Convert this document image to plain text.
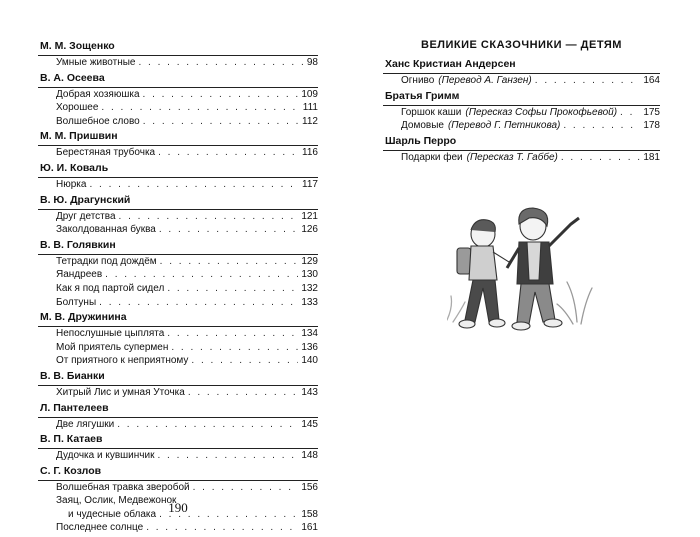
М. М. Зощенко
Умные животные . . .	98
В. А. Осеева
Добрая хозяюшка . . .	109
Хорошее . . .	111
Волшебное слово . . .	112
М. М. Пришвин
Берестяная трубочка . . .	116
Ю. И. Коваль
Нюрка . . .	117
В. Ю. Драгунский
Друг детства . . .	121
Заколдованная буква . . .	126
В. В. Голявкин
Тетрадки под дождём . . .	129
Яандреев . . .	130
Как я под партой сидел . . .	132
Болтуны . . .	133
М. В. Дружинина
Непослушные цыплята . . .	134
Мой приятель супермен . . .	136
От приятного к неприятному . . .	140
В. В. Бианки
Хитрый Лис и умная Уточка . . .	143
Л. Пантелеев
Две лягушки . . .	145
В. П. Катаев
Дудочка и кувшинчик . . .	148
С. Г. Козлов
Волшебная травка зверобой . . .	156
Заяц, Ослик, Медвежонок
и чудесные облака . . .	158
Последнее солнце . . .	161
190
ВЕЛИКИЕ СКАЗОЧНИКИ — ДЕТЯМ
Ханс Кристиан Андерсен
Огниво (Перевод А. Ганзен) . . .	164
Братья Гримм
Горшок каши (Пересказ Софьи Прокофьевой) . . .	175
Домовые (Перевод Г. Петникова) . . .	178
Шарль Перро
Подарки феи (Пересказ Т. Габбе) . . .	181
